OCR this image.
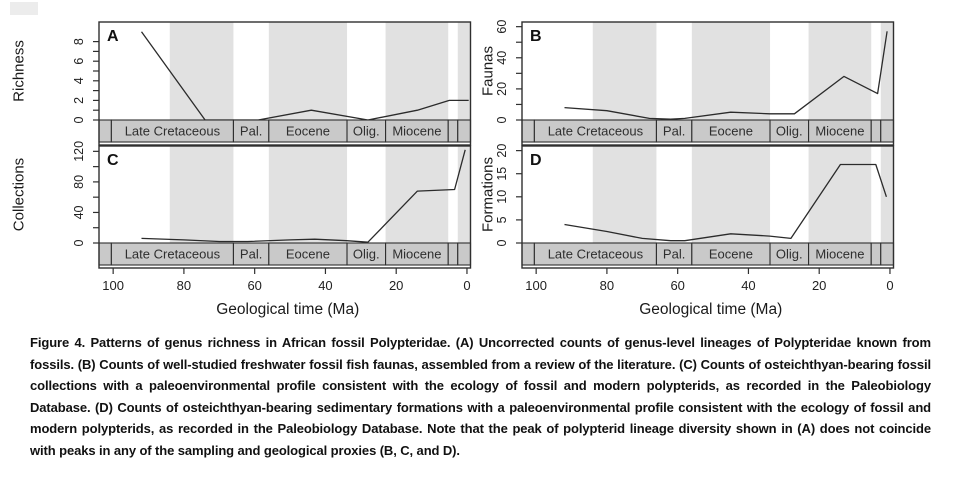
Late Cretaceous Pal. Eocene Olig. Miocene
A
0
2
4
6
8
Richness
Late Cretaceous Pal. Eocene Olig. Miocene
B
0
20
40
60
Faunas
Late Cretaceous Pal. Eocene Olig. Miocene
C
0
40
80
120
Collections
100	80	60	40	20	0
Geological time (Ma)
Late Cretaceous Pal. Eocene Olig. Miocene
D
0
5
10
15
20
Formations
100	80	60	40	20	0
Geological time (Ma)

Figure 4. Patterns of genus richness in African fossil Polypteridae. (A) Uncorrected counts of genus-level lineages of Polypteridae known from fossils. (B) Counts of well-studied freshwater fossil fish faunas, assembled from a review of the literature. (C) Counts of osteichthyan-bearing fossil collections with a paleoenvironmental profile consistent with the ecology of fossil and modern polypterids, as recorded in the Paleobiology Database. (D) Counts of osteichthyan-bearing sedimentary formations with a paleoenvironmental profile consistent with the ecology of fossil and modern polypterids, as recorded in the Paleobiology Database. Note that the peak of polypterid lineage diversity shown in (A) does not coincide with peaks in any of the sampling and geological proxies (B, C, and D).
